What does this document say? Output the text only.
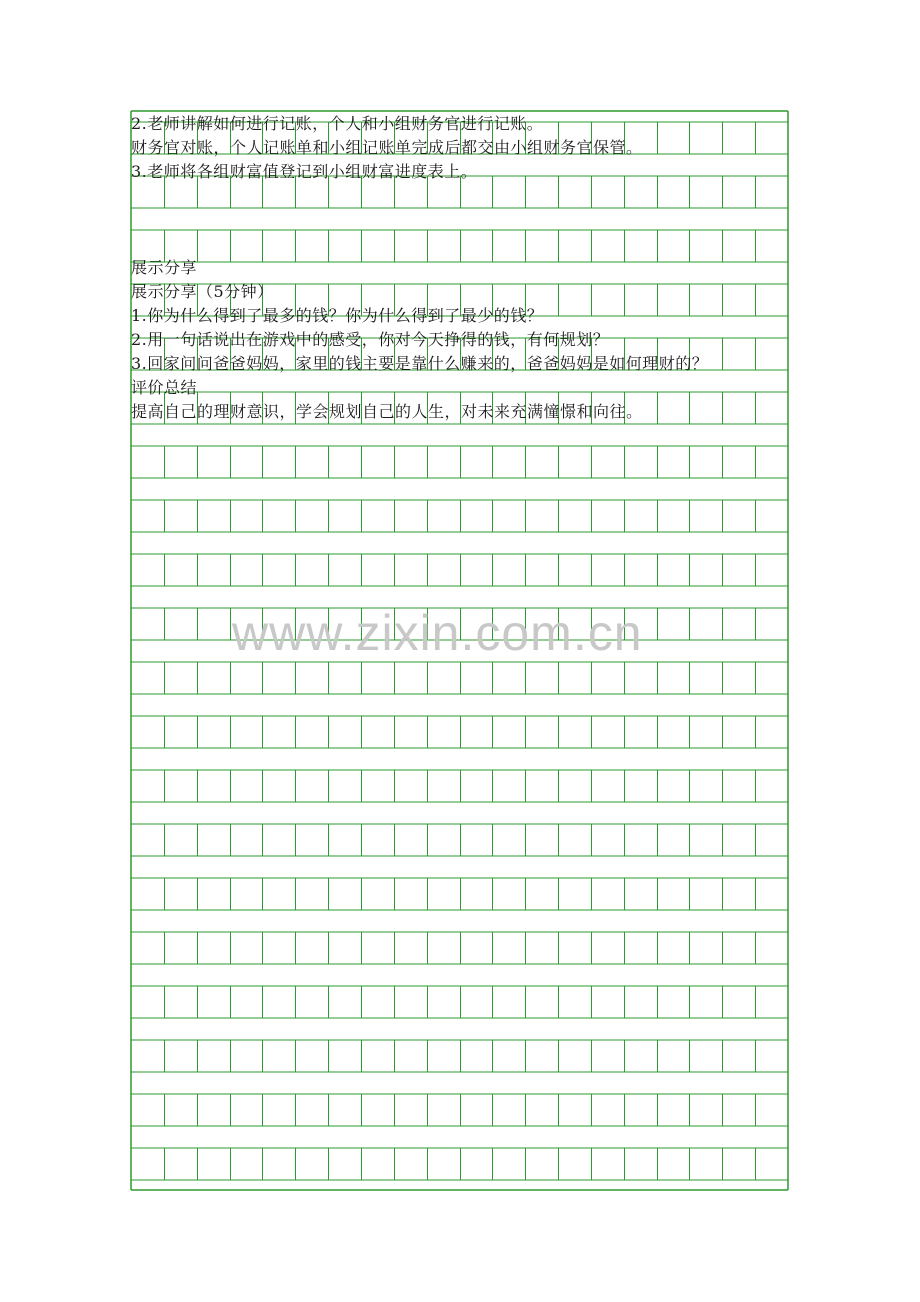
2.老师讲解如何进行记账，个人和小组财务官进行记账。
财务官对账，个人记账单和小组记账单完成后都交由小组财务官保管。
3.老师将各组财富值登记到小组财富进度表上。
展示分享
展示分享（5分钟）
1.你为什么得到了最多的钱？你为什么得到了最少的钱？
2.用一句话说出在游戏中的感受，你对今天挣得的钱，有何规划？
3.回家问问爸爸妈妈，家里的钱主要是靠什么赚来的，爸爸妈妈是如何理财的？
评价总结
提高自己的理财意识，学会规划自己的人生，对未来充满憧憬和向往。
www.zixin.com.cn
